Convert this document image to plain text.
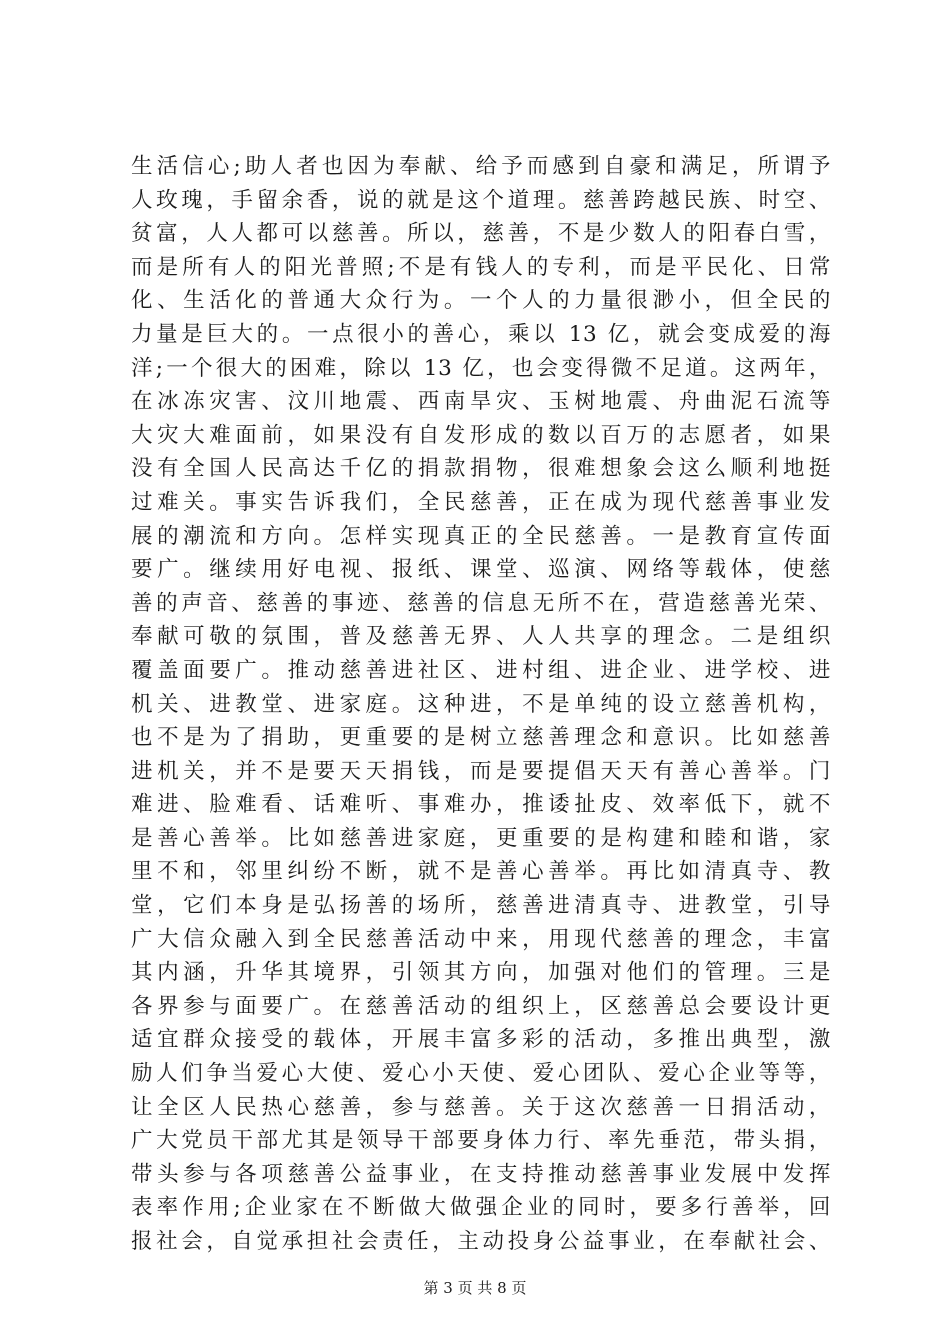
生活信心;助人者也因为奉献、给予而感到自豪和满足，所谓予
人玫瑰，手留余香，说的就是这个道理。慈善跨越民族、时空、
贫富，人人都可以慈善。所以，慈善，不是少数人的阳春白雪，
而是所有人的阳光普照;不是有钱人的专利，而是平民化、日常
化、生活化的普通大众行为。一个人的力量很渺小，但全民的
力量是巨大的。一点很小的善心，乘以 13 亿，就会变成爱的海
洋;一个很大的困难，除以 13 亿，也会变得微不足道。这两年，
在冰冻灾害、汶川地震、西南旱灾、玉树地震、舟曲泥石流等
大灾大难面前，如果没有自发形成的数以百万的志愿者，如果
没有全国人民高达千亿的捐款捐物，很难想象会这么顺利地挺
过难关。事实告诉我们，全民慈善，正在成为现代慈善事业发
展的潮流和方向。怎样实现真正的全民慈善。一是教育宣传面
要广。继续用好电视、报纸、课堂、巡演、网络等载体，使慈
善的声音、慈善的事迹、慈善的信息无所不在，营造慈善光荣、
奉献可敬的氛围，普及慈善无界、人人共享的理念。二是组织
覆盖面要广。推动慈善进社区、进村组、进企业、进学校、进
机关、进教堂、进家庭。这种进，不是单纯的设立慈善机构，
也不是为了捐助，更重要的是树立慈善理念和意识。比如慈善
进机关，并不是要天天捐钱，而是要提倡天天有善心善举。门
难进、脸难看、话难听、事难办，推诿扯皮、效率低下，就不
是善心善举。比如慈善进家庭，更重要的是构建和睦和谐，家
里不和，邻里纠纷不断，就不是善心善举。再比如清真寺、教
堂，它们本身是弘扬善的场所，慈善进清真寺、进教堂，引导
广大信众融入到全民慈善活动中来，用现代慈善的理念，丰富
其内涵，升华其境界，引领其方向，加强对他们的管理。三是
各界参与面要广。在慈善活动的组织上，区慈善总会要设计更
适宜群众接受的载体，开展丰富多彩的活动，多推出典型，激
励人们争当爱心大使、爱心小天使、爱心团队、爱心企业等等，
让全区人民热心慈善，参与慈善。关于这次慈善一日捐活动，
广大党员干部尤其是领导干部要身体力行、率先垂范，带头捐，
带头参与各项慈善公益事业，在支持推动慈善事业发展中发挥
表率作用;企业家在不断做大做强企业的同时，要多行善举，回
报社会，自觉承担社会责任，主动投身公益事业，在奉献社会、
第 3 页 共 8 页
